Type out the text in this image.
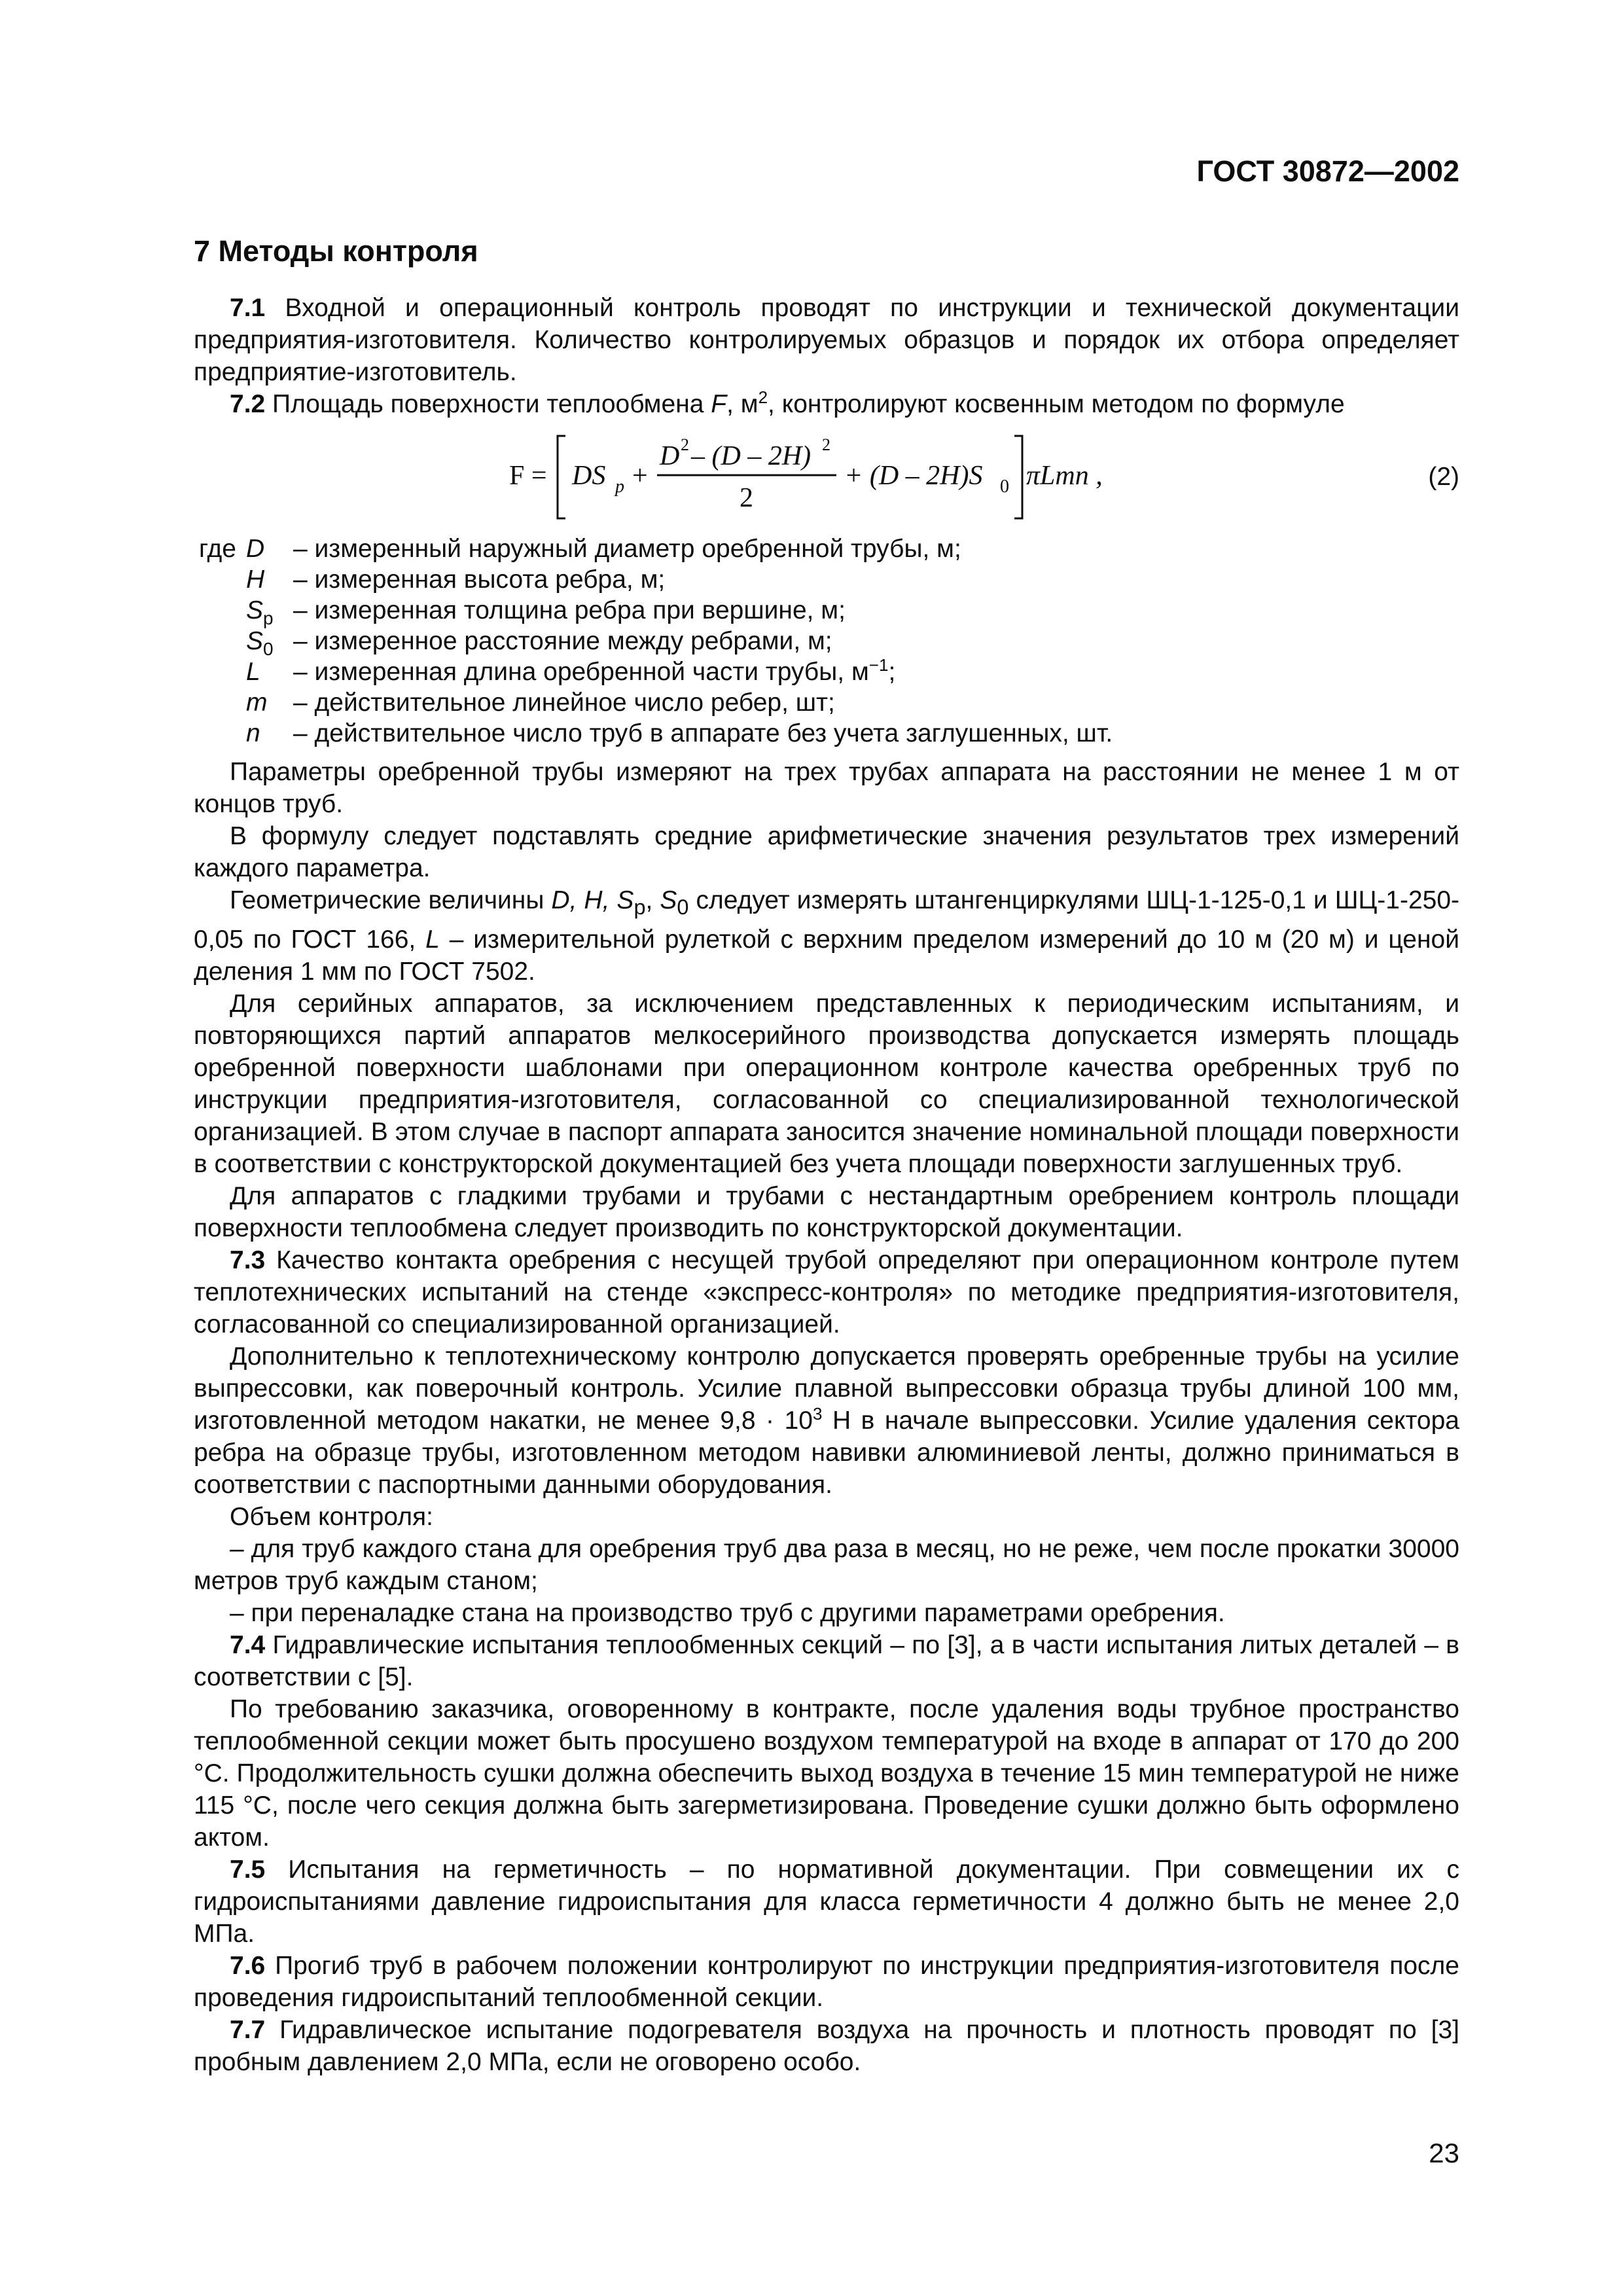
ГОСТ 30872—2002
7 Методы контроля

7.1 Входной и операционный контроль проводят по инструкции и технической документации предприятия-изготовителя. Количество контролируемых образцов и порядок их отбора определяет предприятие-изготовитель.

7.2 Площадь поверхности теплообмена F, $м^2$, контролируют косвенным методом по формуле

F = DS р +
D 2 – (D – 2H) 2
2
+ (D – 2H)S 0 πLmn ,	(2)
где D	– измеренный наружный диаметр оребренной трубы, м;
H	– измеренная высота ребра, м;
$S_р$ – измеренная толщина ребра при вершине, м;
$S_0$ – измеренное расстояние между ребрами, м;
L	– измеренная длина оребренной части трубы, $м^{-1}$;
m	– действительное линейное число ребер, шт;
n	– действительное число труб в аппарате без учета заглушенных, шт.

Параметры оребренной трубы измеряют на трех трубах аппарата на расстоянии не менее 1 м от концов труб.

В формулу следует подставлять средние арифметические значения результатов трех измерений каждого параметра.

Геометрические величины D, H, $S_р$, $S_0$ следует измерять штангенциркулями ШЦ-1-125-0,1 и ШЦ-1-250-0,05 по ГОСТ 166, L – измерительной рулеткой с верхним пределом измерений до 10 м (20 м) и ценой деления 1 мм по ГОСТ 7502.

Для серийных аппаратов, за исключением представленных к периодическим испытаниям, и повторяющихся партий аппаратов мелкосерийного производства допускается измерять площадь оребренной поверхности шаблонами при операционном контроле качества оребренных труб по инструкции предприятия-изготовителя, согласованной со специализированной технологической организацией. В этом случае в паспорт аппарата заносится значение номинальной площади поверхности в соответствии с конструкторской документацией без учета площади поверхности заглушенных труб.

Для аппаратов с гладкими трубами и трубами с нестандартным оребрением контроль площади поверхности теплообмена следует производить по конструкторской документации.

7.3 Качество контакта оребрения с несущей трубой определяют при операционном контроле путем теплотехнических испытаний на стенде «экспресс-контроля» по методике предприятия-изготовителя, согласованной со специализированной организацией.

Дополнительно к теплотехническому контролю допускается проверять оребренные трубы на усилие выпрессовки, как поверочный контроль. Усилие плавной выпрессовки образца трубы длиной 100 мм, изготовленной методом накатки, не менее $9,8 \cdot 10^3$ Н в начале выпрессовки. Усилие удаления сектора ребра на образце трубы, изготовленном методом навивки алюминиевой ленты, должно приниматься в соответствии с паспортными данными оборудования.

Объем контроля:

– для труб каждого стана для оребрения труб два раза в месяц, но не реже, чем после прокатки 30000 метров труб каждым станом;

– при переналадке стана на производство труб с другими параметрами оребрения.

7.4 Гидравлические испытания теплообменных секций – по [3], а в части испытания литых деталей – в соответствии с [5].

По требованию заказчика, оговоренному в контракте, после удаления воды трубное пространство теплообменной секции может быть просушено воздухом температурой на входе в аппарат от 170 до 200 °С. Продолжительность сушки должна обеспечить выход воздуха в течение 15 мин температурой не ниже 115 °С, после чего секция должна быть загерметизирована. Проведение сушки должно быть оформлено актом.

7.5 Испытания на герметичность – по нормативной документации. При совмещении их с гидроиспытаниями давление гидроиспытания для класса герметичности 4 должно быть не менее 2,0 МПа.

7.6 Прогиб труб в рабочем положении контролируют по инструкции предприятия-изготовителя после проведения гидроиспытаний теплообменной секции.

7.7 Гидравлическое испытание подогревателя воздуха на прочность и плотность проводят по [3] пробным давлением 2,0 МПа, если не оговорено особо.

23
